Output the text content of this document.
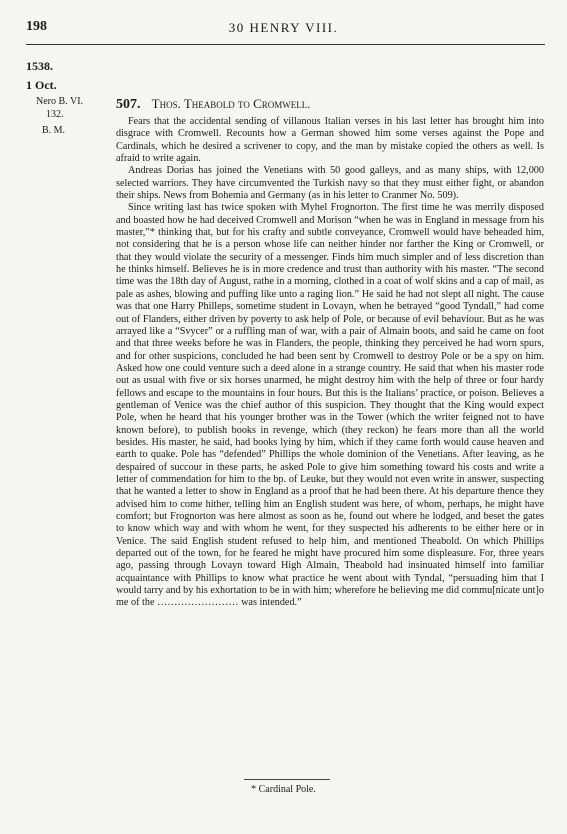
198	30 HENRY VIII.
1538.
1 Oct.
Nero B. VI.
132.
B. M.
507. Thos. Theabold to Cromwell.

Fears that the accidental sending of villanous Italian verses in his last letter has brought him into disgrace with Cromwell. Recounts how a German showed him some verses against the Pope and Cardinals, which he desired a scrivener to copy, and the man by mistake copied the others as well. Is afraid to write again.

Andreas Dorias has joined the Venetians with 50 good galleys, and as many ships, with 12,000 selected warriors. They have circumvented the Turkish navy so that they must either fight, or abandon their ships. News from Bohemia and Germany (as in his letter to Cranmer No. 509).

Since writing last has twice spoken with Myhel Frognorton. The first time he was merrily disposed and boasted how he had deceived Cromwell and Morison “when he was in England in message from his master,”* thinking that, but for his crafty and subtle conveyance, Cromwell would have beheaded him, not considering that he is a person whose life can neither hinder nor farther the King or Cromwell, or that they would violate the security of a messenger. Finds him much simpler and of less discretion than he thinks himself. Believes he is in more credence and trust than authority with his master. “The second time was the 18th day of August, rathe in a morning, clothed in a coat of wolf skins and a cap of mail, as pale as ashes, blowing and puffing like unto a raging lion.” He said he had not slept all night. The cause was that one Harry Philleps, sometime student in Lovayn, when he betrayed “good Tyndall,” had come out of Flanders, either driven by poverty to ask help of Pole, or because of evil behaviour. But as he was arrayed like a “Svycer” or a ruffling man of war, with a pair of Almain boots, and said he came on foot and that three weeks before he was in Flanders, the people, thinking they perceived he had worn spurs, and for other suspicions, concluded he had been sent by Cromwell to destroy Pole or be a spy on him. Asked how one could venture such a deed alone in a strange country. He said that when his master rode out as usual with five or six horses unarmed, he might destroy him with the help of three or four hardy fellows and escape to the mountains in four hours. But this is the Italians’ practice, or poison. Believes a gentleman of Venice was the chief author of this suspicion. They thought that the King would expect Pole, when he heard that his younger brother was in the Tower (which the writer feigned not to have known before), to publish books in revenge, which (they reckon) he fears more than all the world besides. His master, he said, had books lying by him, which if they came forth would cause heaven and earth to quake. Pole has “defended” Phillips the whole dominion of the Venetians. After leaving, as he despaired of succour in these parts, he asked Pole to give him something toward his costs and write a letter of commendation for him to the bp. of Leuke, but they would not even write in answer, suspecting that he wanted a letter to show in England as a proof that he had been there. At his departure thence they advised him to come hither, telling him an English student was here, of whom, perhaps, he might have comfort; but Frognorton was here almost as soon as he, found out where he lodged, and beset the gates to know which way and with whom he went, for they suspected his adherents to be either here or in Venice. The said English student refused to help him, and mentioned Theabold. On which Phillips departed out of the town, for he feared he might have procured him some displeasure. For, three years ago, passing through Lovayn toward High Almain, Theabold had insinuated himself into familiar acquaintance with Phillips to know what practice he went about with Tyndal, “persuading him that I would tarry and by his exhortation to be in with him; wherefore he believing me did commu[nicate unt]o me of the …………………… was intended.”

* Cardinal Pole.
· · ·
· · ·
· · ·
